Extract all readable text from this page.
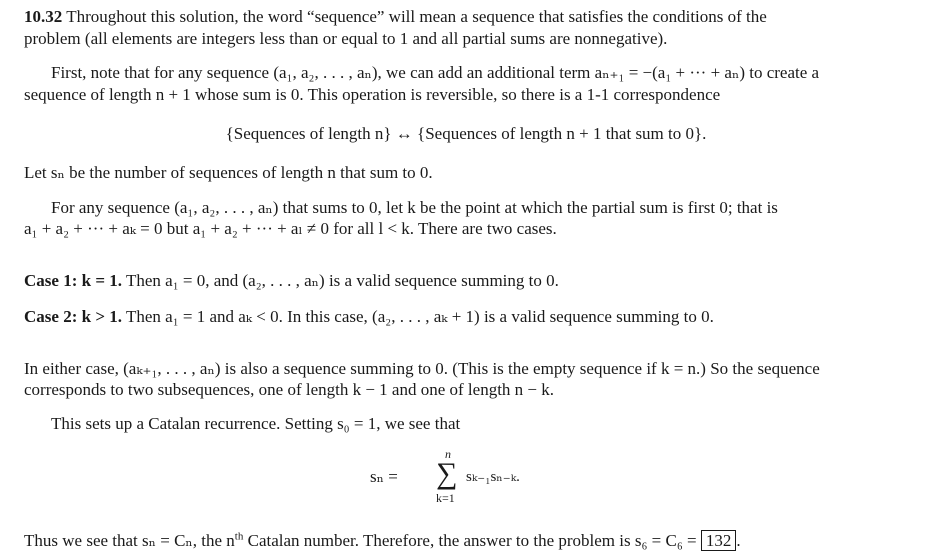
10.32 Throughout this solution, the word “sequence” will mean a sequence that satisfies the conditions of the
problem (all elements are integers less than or equal to 1 and all partial sums are nonnegative).
First, note that for any sequence (a₁, a₂, . . . , aₙ), we can add an additional term aₙ₊₁ = −(a₁ + ··· + aₙ) to create a
sequence of length n + 1 whose sum is 0. This operation is reversible, so there is a 1-1 correspondence
{Sequences of length n} ↔ {Sequences of length n + 1 that sum to 0}.
Let sₙ be the number of sequences of length n that sum to 0.
For any sequence (a₁, a₂, . . . , aₙ) that sums to 0, let k be the point at which the partial sum is first 0; that is
a₁ + a₂ + ··· + aₖ = 0 but a₁ + a₂ + ··· + aₗ ≠ 0 for all l < k. There are two cases.
Case 1: k = 1. Then a₁ = 0, and (a₂, . . . , aₙ) is a valid sequence summing to 0.
Case 2: k > 1. Then a₁ = 1 and aₖ < 0. In this case, (a₂, . . . , aₖ + 1) is a valid sequence summing to 0.
In either case, (aₖ₊₁, . . . , aₙ) is also a sequence summing to 0. (This is the empty sequence if k = n.) So the sequence
corresponds to two subsequences, one of length k − 1 and one of length n − k.
This sets up a Catalan recurrence. Setting s₀ = 1, we see that
sₙ =
n
∑
k=1
sₖ₋₁sₙ₋ₖ.
Thus we see that sₙ = Cₙ, the $n^{th}$ Catalan number. Therefore, the answer to the problem is s₆ = C₆ = 132 .
